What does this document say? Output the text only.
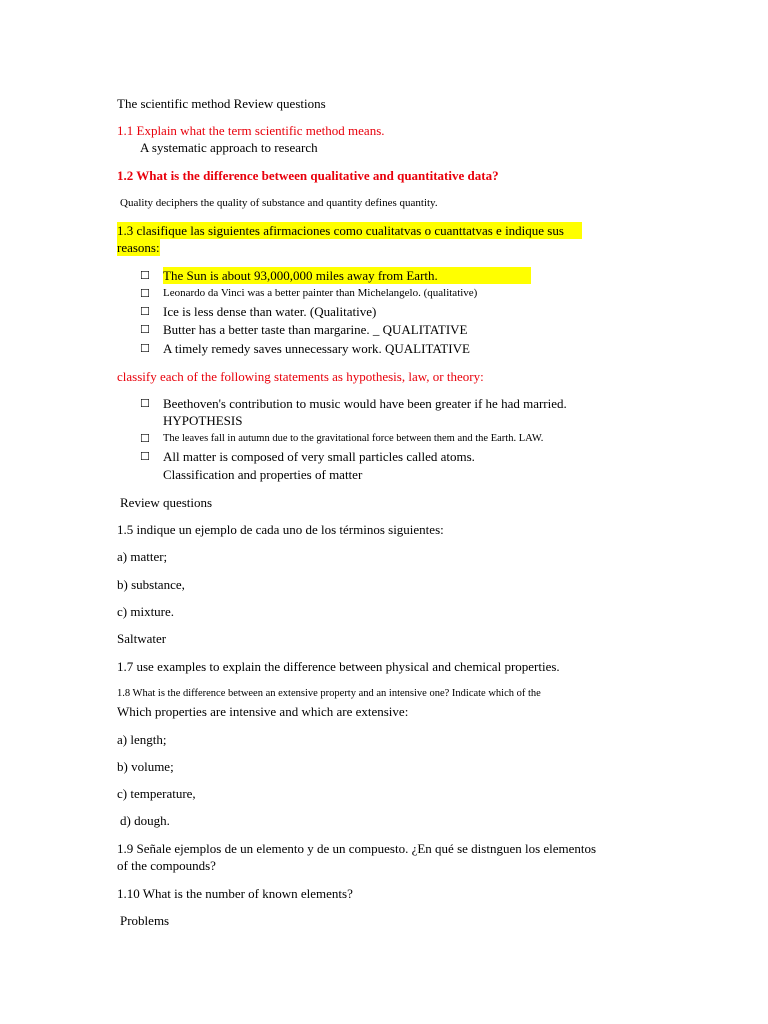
The scientific method Review questions
1.1 Explain what the term scientific method means.
A systematic approach to research
1.2 What is the difference between qualitative and quantitative data?
Quality deciphers the quality of substance and quantity defines quantity.
1.3 clasifique las siguientes afirmaciones como cualitatvas o cuanttatvas e indique sus
reasons:
☐ The Sun is about 93,000,000 miles away from Earth.
☐ Leonardo da Vinci was a better painter than Michelangelo. (qualitative)
☐ Ice is less dense than water. (Qualitative)
☐ Butter has a better taste than margarine. _ QUALITATIVE
☐ A timely remedy saves unnecessary work. QUALITATIVE
classify each of the following statements as hypothesis, law, or theory:
☐ Beethoven's contribution to music would have been greater if he had married.
HYPOTHESIS
☐ The leaves fall in autumn due to the gravitational force between them and the Earth. LAW.
☐ All matter is composed of very small particles called atoms.
Classification and properties of matter
Review questions
1.5 indique un ejemplo de cada uno de los términos siguientes:
a) matter;
b) substance,
c) mixture.
Saltwater
1.7 use examples to explain the difference between physical and chemical properties.
1.8 What is the difference between an extensive property and an intensive one? Indicate which of the
Which properties are intensive and which are extensive:
a) length;
b) volume;
c) temperature,
d) dough.
1.9 Señale ejemplos de un elemento y de un compuesto. ¿En qué se distnguen los elementos
of the compounds?
1.10 What is the number of known elements?
Problems
